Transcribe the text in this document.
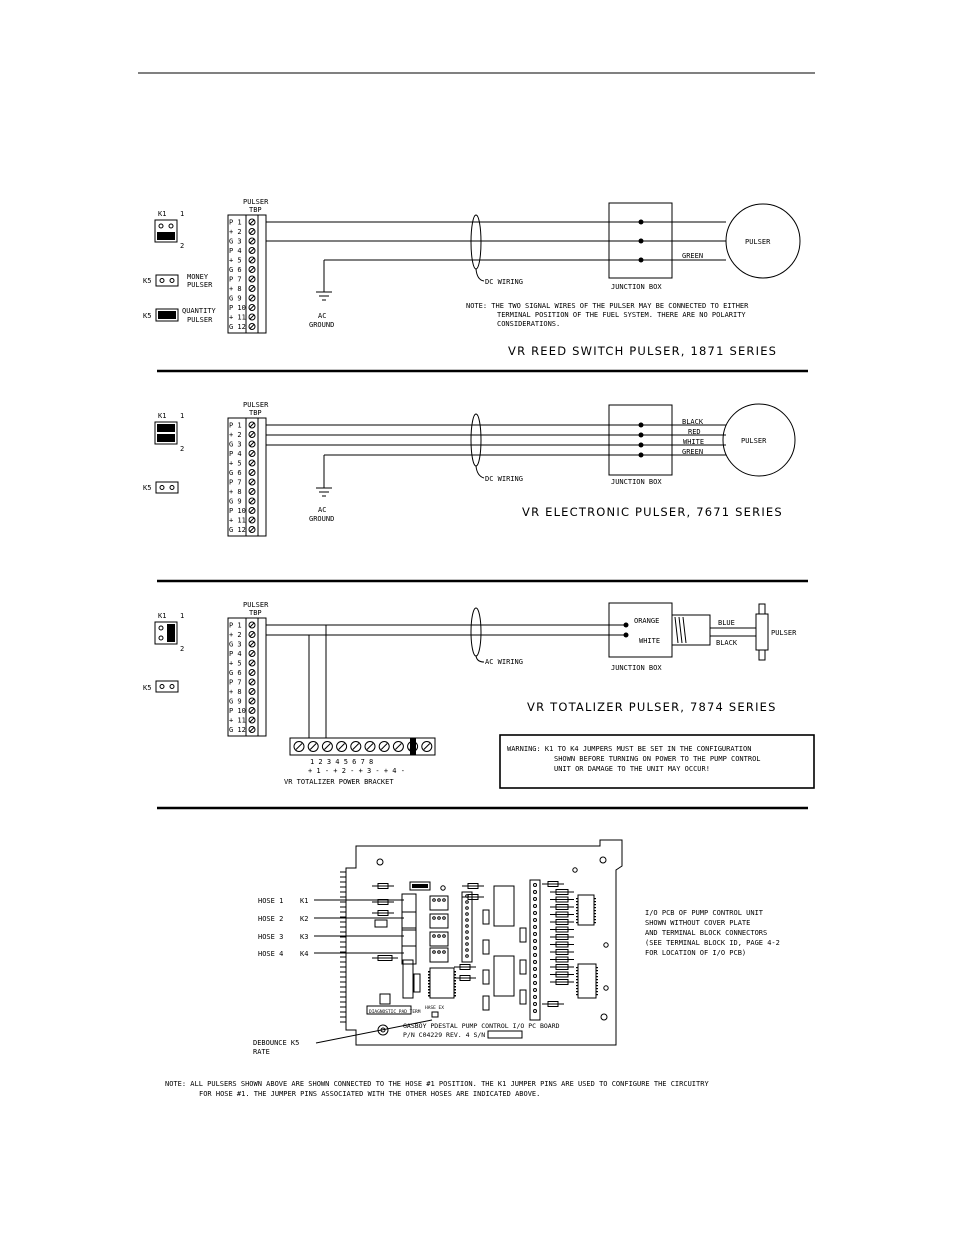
K1 1
2
K5	MONEY
PULSER
K5
QUANTITY
PULSER
PULSER
TBP
P 1
+ 2
G 3
P 4
+ 5
G 6
P 7
+ 8
G 9
P 10
+ 11
G 12
AC
GROUND
DC WIRING
JUNCTION BOX
GREEN
PULSER
NOTE: THE TWO SIGNAL WIRES OF THE PULSER MAY BE CONNECTED TO EITHER
TERMINAL POSITION OF THE FUEL SYSTEM. THERE ARE NO POLARITY
CONSIDERATIONS.
VR REED SWITCH PULSER, 1871 SERIES
K1 1
2
K5
PULSER
TBP
P 1
+ 2
G 3
P 4
+ 5
G 6
P 7
+ 8
G 9
P 10
+ 11
G 12
AC
GROUND
DC WIRING	JUNCTION BOX
BLACK
RED
WHITE
GREEN
PULSER
VR ELECTRONIC PULSER, 7671 SERIES
K1 1
2
K5
PULSER
TBP
P 1
+ 2
G 3
P 4
+ 5
G 6
P 7
+ 8
G 9
P 10
+ 11
G 12
AC WIRING
ORANGE
WHITE
JUNCTION BOX
BLUE
BLACK
PULSER
1 2 3 4 5 6 7 8
+ 1 - + 2 - + 3 - + 4 -
VR TOTALIZER POWER BRACKET
VR TOTALIZER PULSER, 7874 SERIES
WARNING: K1 TO K4 JUMPERS MUST BE SET IN THE CONFIGURATION
SHOWN BEFORE TURNING ON POWER TO THE PUMP CONTROL
UNIT OR DAMAGE TO THE UNIT MAY OCCUR!
HOSE 1 K1
HOSE 2 K2
HOSE 3 K3
HOSE 4 K4
DEBOUNCE K5
RATE
DIAGNOSTIC PAD TERM
HASE EX
GASBOY PDESTAL PUMP CONTROL I/O PC BOARD
P/N C04229 REV. 4 S/N
I/O PCB OF PUMP CONTROL UNIT
SHOWN WITHOUT COVER PLATE
AND TERMINAL BLOCK CONNECTORS
(SEE TERMINAL BLOCK ID, PAGE 4-2
FOR LOCATION OF I/O PCB)
NOTE: ALL PULSERS SHOWN ABOVE ARE SHOWN CONNECTED TO THE HOSE #1 POSITION. THE K1 JUMPER PINS ARE USED TO CONFIGURE THE CIRCUITRY
FOR HOSE #1. THE JUMPER PINS ASSOCIATED WITH THE OTHER HOSES ARE INDICATED ABOVE.
